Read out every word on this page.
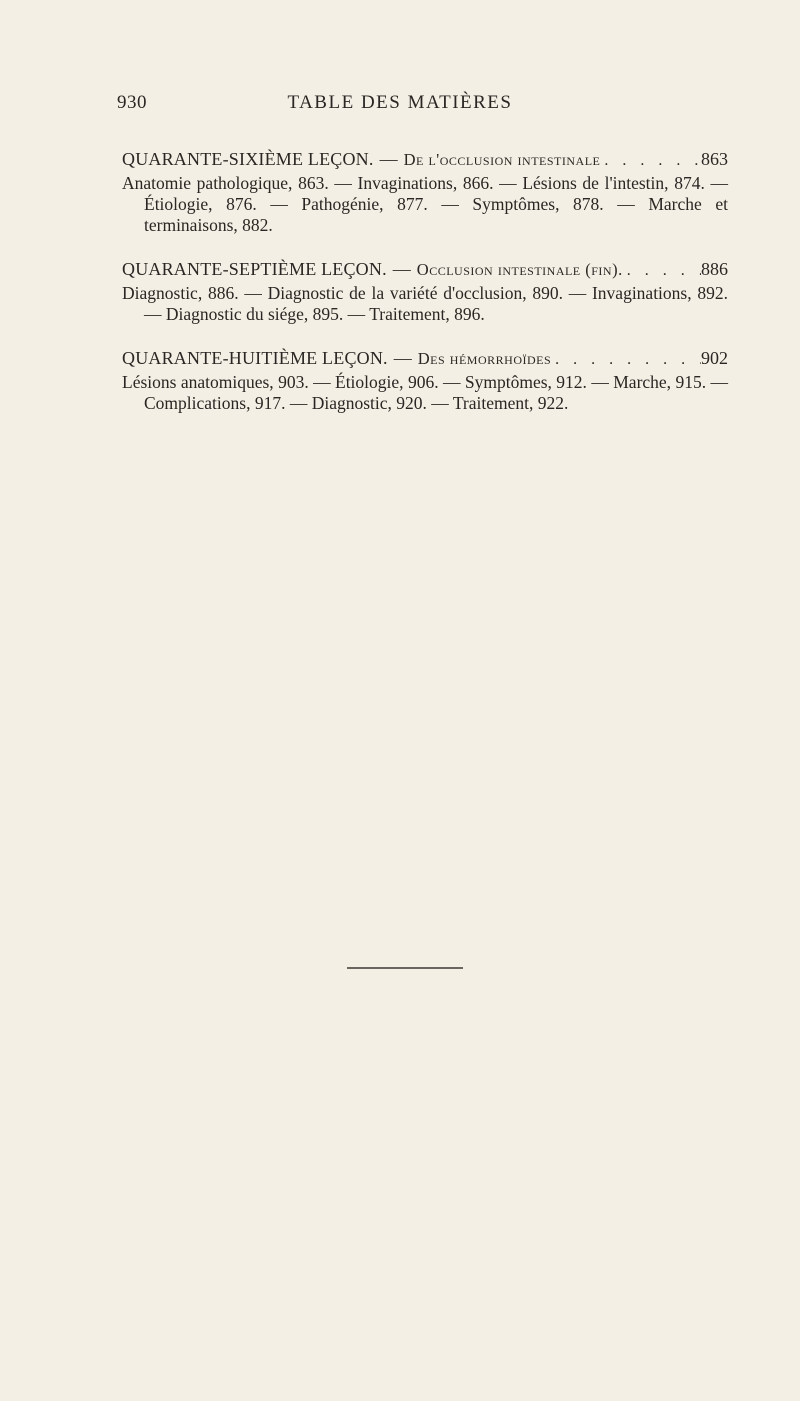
930	TABLE DES MATIÈRES
QUARANTE-SIXIÈME LEÇON. — De l'occlusion intestinale . . .	863
Anatomie pathologique, 863. — Invaginations, 866. — Lésions de l'intestin, 874. — Étiologie, 876. — Pathogénie, 877. — Symptômes, 878. — Marche et terminaisons, 882.
QUARANTE-SEPTIÈME LEÇON. — Occlusion intestinale (fin). . . .	886
Diagnostic, 886. — Diagnostic de la variété d'occlusion, 890. — Invaginations, 892. — Diagnostic du siége, 895. — Traitement, 896.
QUARANTE-HUITIÈME LEÇON. — Des hémorrhoïdes . . .	902
Lésions anatomiques, 903. — Étiologie, 906. — Symptômes, 912. — Marche, 915. — Complications, 917. — Diagnostic, 920. — Traitement, 922.
